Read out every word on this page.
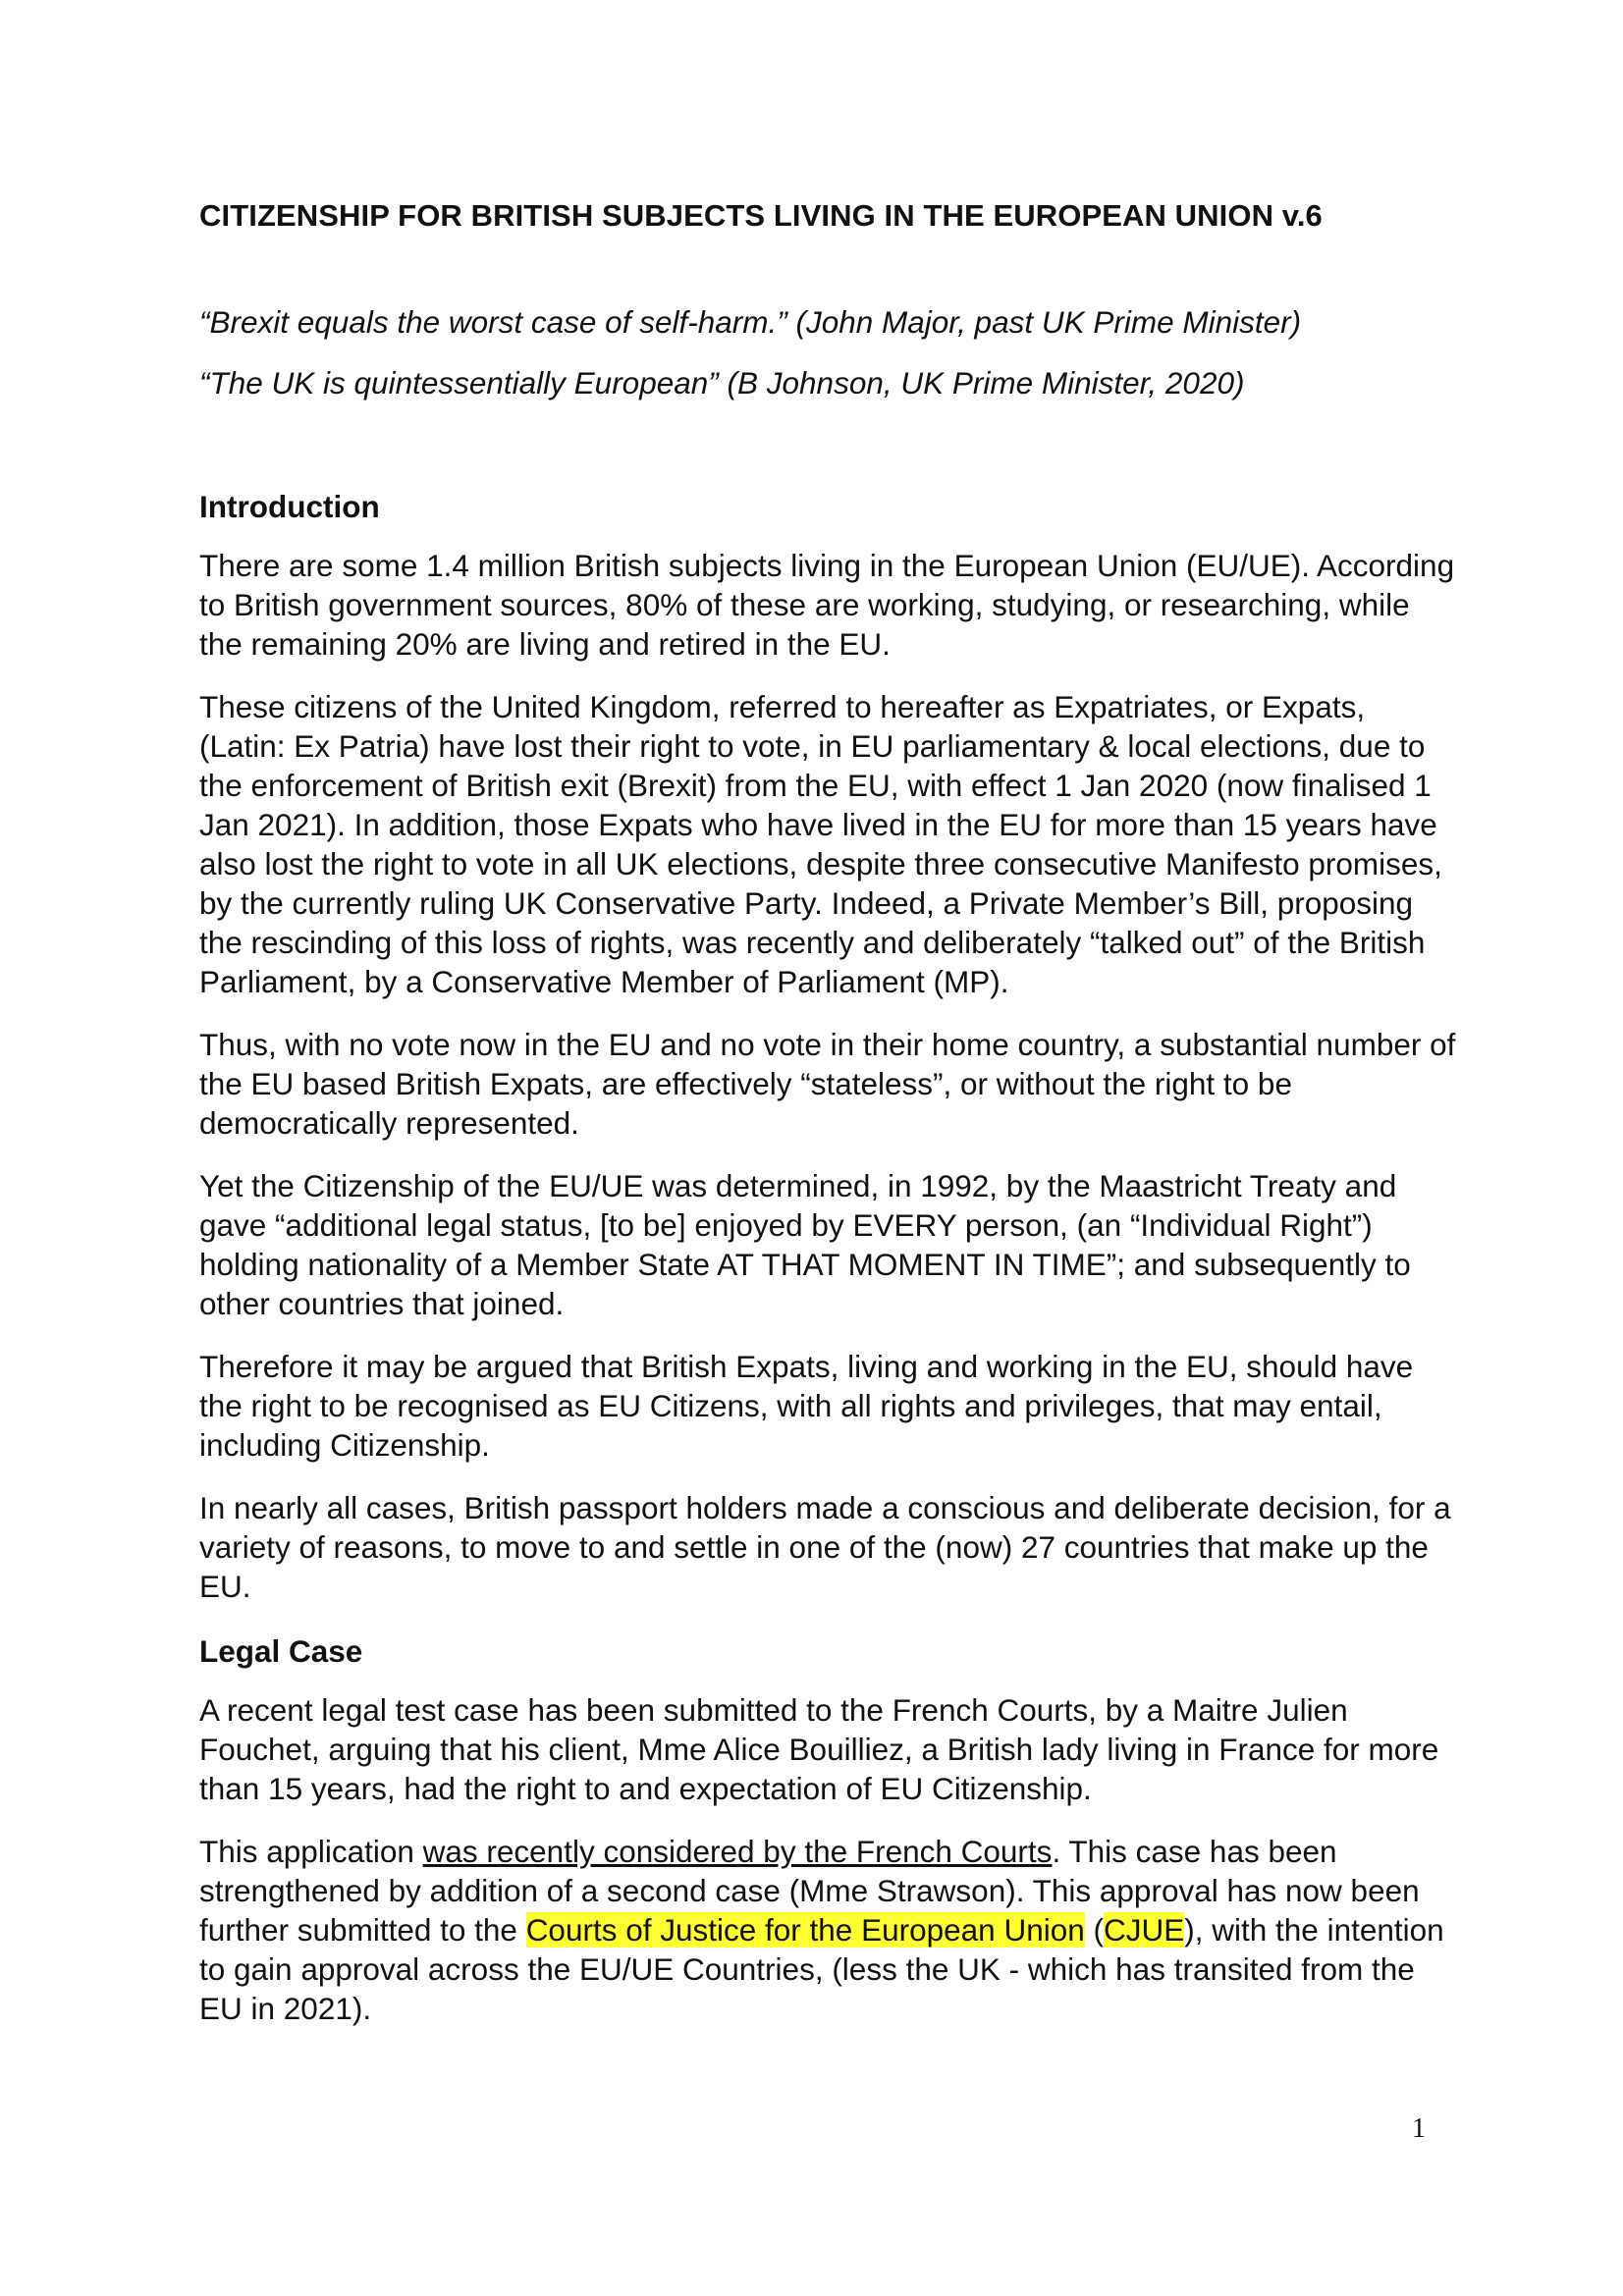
CITIZENSHIP FOR BRITISH SUBJECTS LIVING IN THE EUROPEAN UNION v.6

“Brexit equals the worst case of self-harm.” (John Major, past UK Prime Minister)

“The UK is quintessentially European” (B Johnson, UK Prime Minister, 2020)

Introduction

There are some 1.4 million British subjects living in the European Union (EU/UE). According to British government sources, 80% of these are working, studying, or researching, while the remaining 20% are living and retired in the EU.

These citizens of the United Kingdom, referred to hereafter as Expatriates, or Expats, (Latin: Ex Patria) have lost their right to vote, in EU parliamentary & local elections, due to the enforcement of British exit (Brexit) from the EU, with effect 1 Jan 2020 (now finalised 1 Jan 2021). In addition, those Expats who have lived in the EU for more than 15 years have also lost the right to vote in all UK elections, despite three consecutive Manifesto promises, by the currently ruling UK Conservative Party. Indeed, a Private Member’s Bill, proposing the rescinding of this loss of rights, was recently and deliberately “talked out” of the British Parliament, by a Conservative Member of Parliament (MP).

Thus, with no vote now in the EU and no vote in their home country, a substantial number of the EU based British Expats, are effectively “stateless”, or without the right to be democratically represented.

Yet the Citizenship of the EU/UE was determined, in 1992, by the Maastricht Treaty and gave “additional legal status, [to be] enjoyed by EVERY person, (an “Individual Right”) holding nationality of a Member State AT THAT MOMENT IN TIME”; and subsequently to other countries that joined.

Therefore it may be argued that British Expats, living and working in the EU, should have the right to be recognised as EU Citizens, with all rights and privileges, that may entail, including Citizenship.

In nearly all cases, British passport holders made a conscious and deliberate decision, for a variety of reasons, to move to and settle in one of the (now) 27 countries that make up the EU.

Legal Case

A recent legal test case has been submitted to the French Courts, by a Maitre Julien Fouchet, arguing that his client, Mme Alice Bouilliez, a British lady living in France for more than 15 years, had the right to and expectation of EU Citizenship.

This application was recently considered by the French Courts. This case has been strengthened by addition of a second case (Mme Strawson). This approval has now been further submitted to the Courts of Justice for the European Union (CJUE), with the intention to gain approval across the EU/UE Countries, (less the UK - which has transited from the EU in 2021).

1
